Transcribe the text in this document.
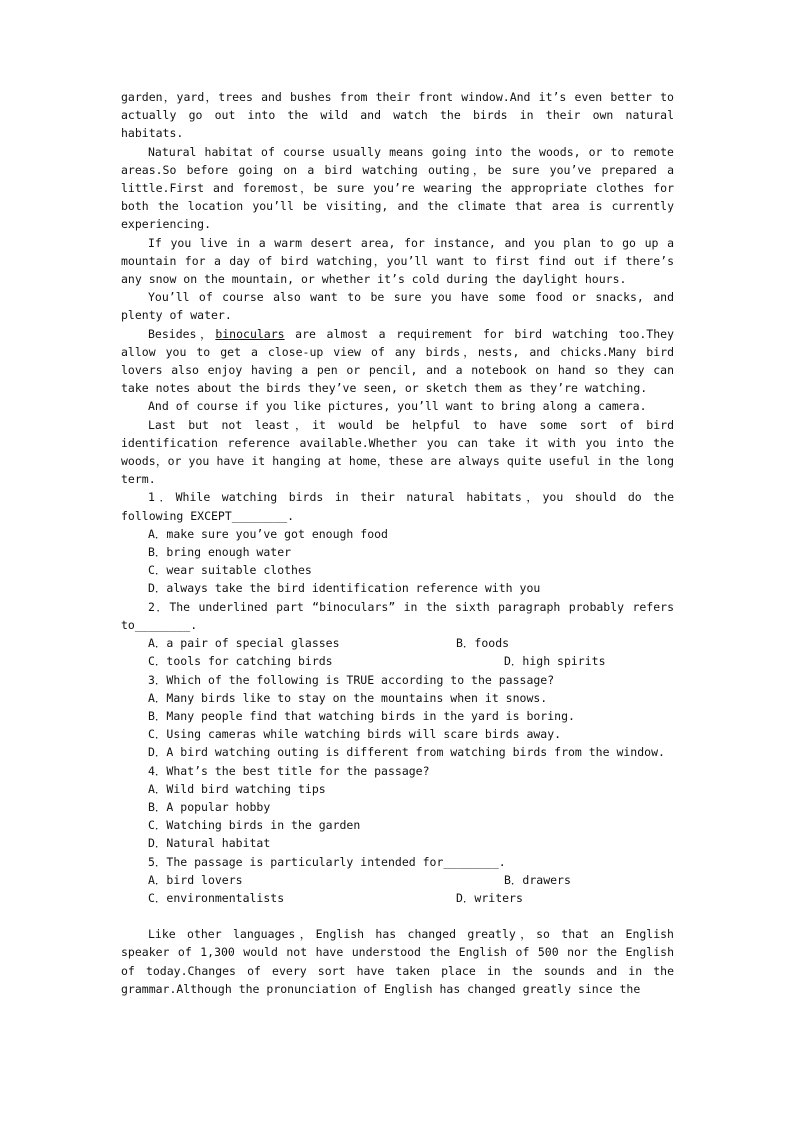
garden，yard，trees and bushes from their front window.And it’s even better to actually go out into the wild and watch the birds in their own natural habitats.

Natural habitat of course usually means going into the woods, or to remote areas.So before going on a bird watching outing，be sure you’ve prepared a little.First and foremost，be sure you’re wearing the appropriate clothes for both the location you’ll be visiting, and the climate that area is currently experiencing.

If you live in a warm desert area, for instance, and you plan to go up a mountain for a day of bird watching，you’ll want to first find out if there’s any snow on the mountain, or whether it’s cold during the daylight hours.

You’ll of course also want to be sure you have some food or snacks, and plenty of water.

Besides，binoculars are almost a requirement for bird watching too.They allow you to get a close-up view of any birds，nests, and chicks.Many bird lovers also enjoy having a pen or pencil, and a notebook on hand so they can take notes about the birds they’ve seen, or sketch them as they’re watching.

And of course if you like pictures, you’ll want to bring along a camera.

Last but not least，it would be helpful to have some sort of bird identification reference available.Whether you can take it with you into the woods，or you have it hanging at home，these are always quite useful in the long term.

1．While watching birds in their natural habitats，you should do the following EXCEPT________.

A．make sure you’ve got enough food

B．bring enough water

C．wear suitable clothes

D．always take the bird identification reference with you

2．The underlined part “binoculars” in the sixth paragraph probably refers to________.

A．a pair of special glasses	B．foods
C．tools for catching birds	D．high spirits

3．Which of the following is TRUE according to the passage?

A．Many birds like to stay on the mountains when it snows.

B．Many people find that watching birds in the yard is boring.

C．Using cameras while watching birds will scare birds away.

D．A bird watching outing is different from watching birds from the window.

4．What’s the best title for the passage?

A．Wild bird watching tips

B．A popular hobby

C．Watching birds in the garden

D．Natural habitat

5．The passage is particularly intended for________.

A．bird lovers	B．drawers
C．environmentalists	D．writers

Like other languages，English has changed greatly，so that an English speaker of 1,300 would not have understood the English of 500 nor the English of today.Changes of every sort have taken place in the sounds and in the grammar.Although the pronunciation of English has changed greatly since the
